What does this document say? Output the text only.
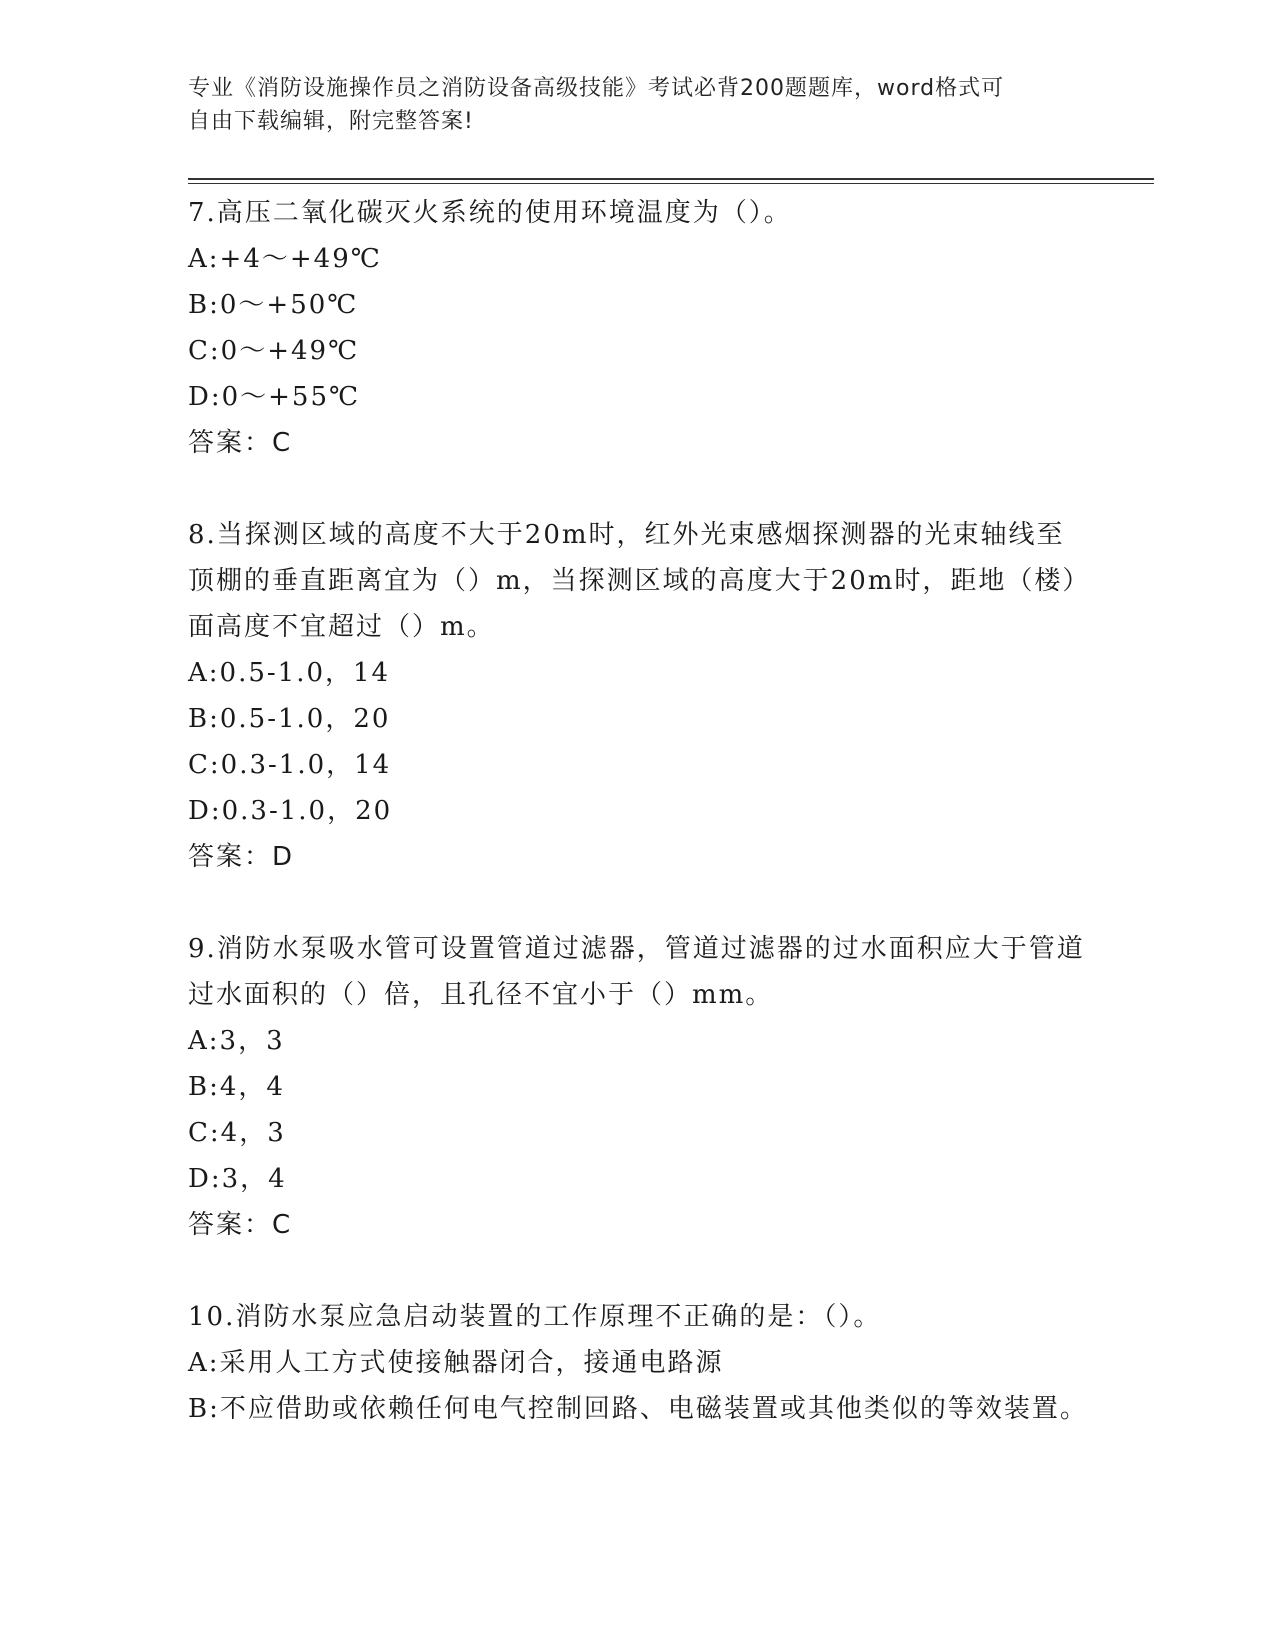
专业《消防设施操作员之消防设备高级技能》考试必背200题题库，word格式可
自由下载编辑，附完整答案!

7.高压二氧化碳灭火系统的使用环境温度为（）。

A:+4～+49℃

B:0～+50℃

C:0～+49℃

D:0～+55℃

答案：C

8.当探测区域的高度不大于20m时，红外光束感烟探测器的光束轴线至顶棚的垂直距离宜为（）m，当探测区域的高度大于20m时，距地（楼）面高度不宜超过（）m。

A:0.5-1.0，14

B:0.5-1.0，20

C:0.3-1.0，14

D:0.3-1.0，20

答案：D

9.消防水泵吸水管可设置管道过滤器，管道过滤器的过水面积应大于管道过水面积的（）倍，且孔径不宜小于（）mm。

A:3，3

B:4，4

C:4，3

D:3，4

答案：C

10.消防水泵应急启动装置的工作原理不正确的是：（）。

A:采用人工方式使接触器闭合，接通电路源

B:不应借助或依赖任何电气控制回路、电磁装置或其他类似的等效装置。
